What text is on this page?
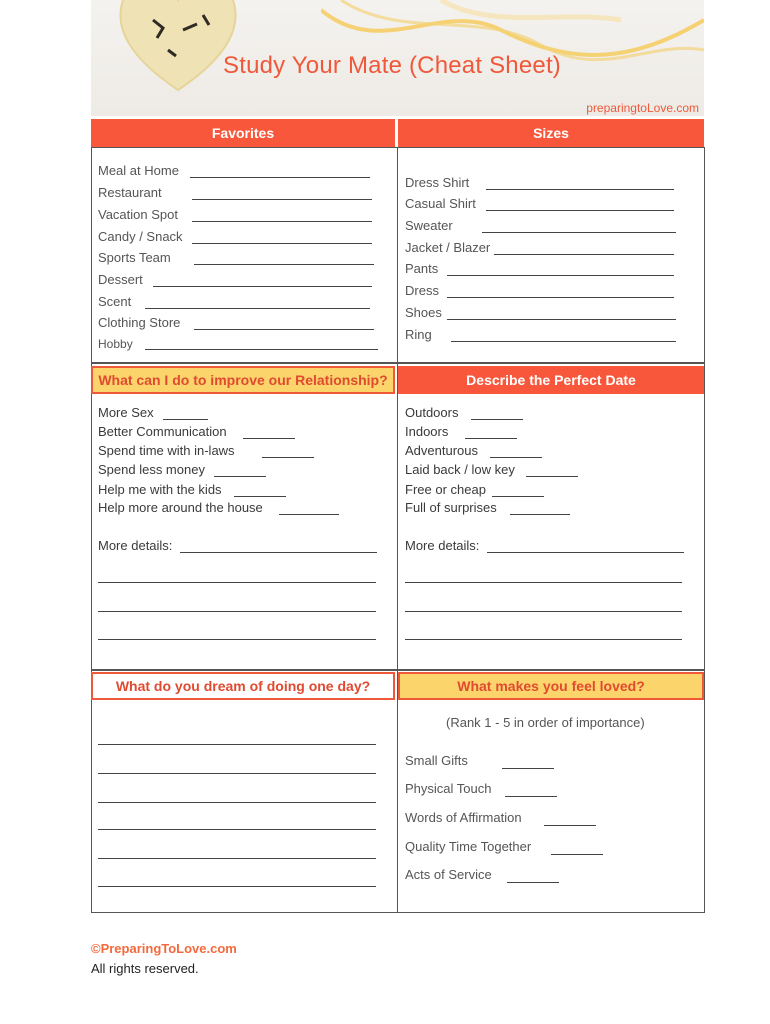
Study Your Mate (Cheat Sheet)
preparingtoLove.com
Favorites	Sizes
Meal at Home
Restaurant
Vacation Spot
Candy / Snack
Sports Team
Dessert
Scent
Clothing Store
Hobby
Dress Shirt
Casual Shirt
Sweater
Jacket / Blazer
Pants
Dress
Shoes
Ring
What can I do to improve our Relationship?	Describe the Perfect Date
More Sex
Better Communication
Spend time with in-laws
Spend less money
Help me with the kids
Help more around the house
More details:
Outdoors
Indoors
Adventurous
Laid back / low key
Free or cheap
Full of surprises
More details:
What do you dream of doing one day?	What makes you feel loved?
(Rank 1 - 5 in order of importance)
Small Gifts
Physical Touch
Words of Affirmation
Quality Time Together
Acts of Service
©PreparingToLove.com
All rights reserved.
